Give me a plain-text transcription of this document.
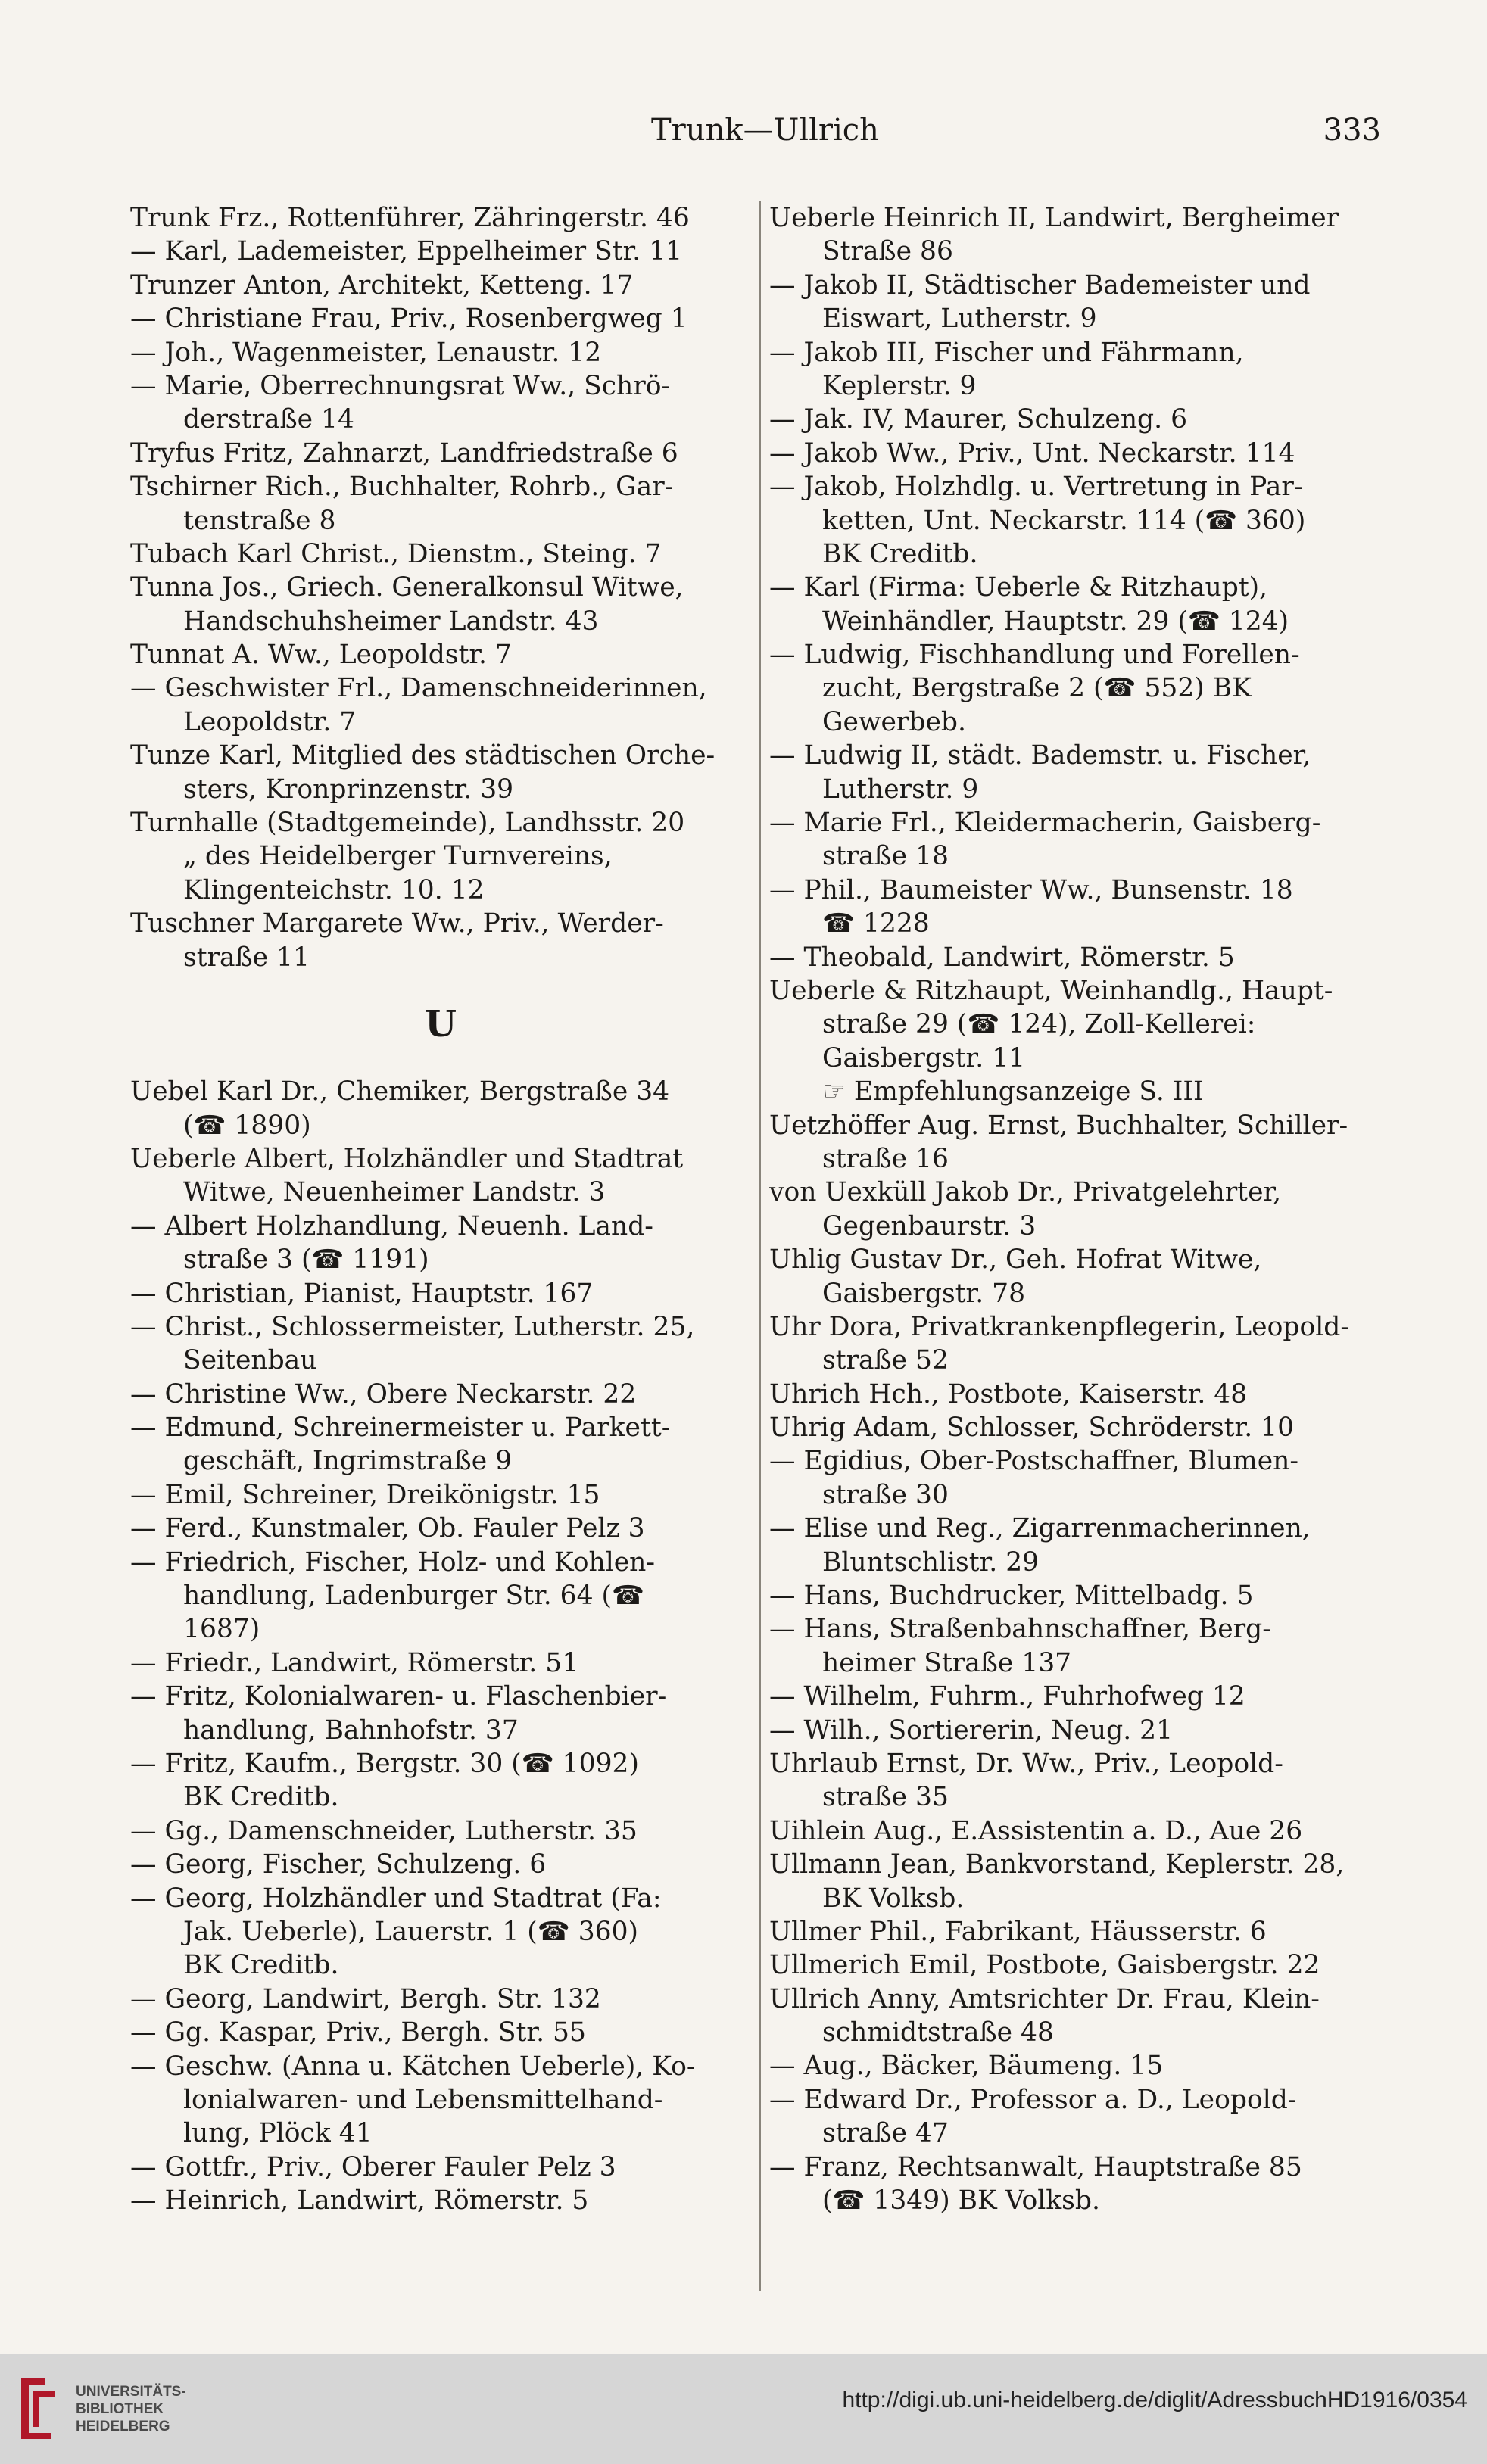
Trunk—Ullrich	333
Trunk Frz., Rottenführer, Zähringerstr. 46
— Karl, Lademeister, Eppelheimer Str. 11
Trunzer Anton, Architekt, Ketteng. 17
— Christiane Frau, Priv., Rosenbergweg 1
— Joh., Wagenmeister, Lenaustr. 12
— Marie, Oberrechnungsrat Ww., Schrö-
derstraße 14
Tryfus Fritz, Zahnarzt, Landfriedstraße 6
Tschirner Rich., Buchhalter, Rohrb., Gar-
tenstraße 8
Tubach Karl Christ., Dienstm., Steing. 7
Tunna Jos., Griech. Generalkonsul Witwe,
Handschuhsheimer Landstr. 43
Tunnat A. Ww., Leopoldstr. 7
— Geschwister Frl., Damenschneiderinnen,
Leopoldstr. 7
Tunze Karl, Mitglied des städtischen Orche-
sters, Kronprinzenstr. 39
Turnhalle (Stadtgemeinde), Landhsstr. 20
„ des Heidelberger Turnvereins,
Klingenteichstr. 10. 12
Tuschner Margarete Ww., Priv., Werder-
straße 11
U
Uebel Karl Dr., Chemiker, Bergstraße 34
(☎ 1890)
Ueberle Albert, Holzhändler und Stadtrat
Witwe, Neuenheimer Landstr. 3
— Albert Holzhandlung, Neuenh. Land-
straße 3 (☎ 1191)
— Christian, Pianist, Hauptstr. 167
— Christ., Schlossermeister, Lutherstr. 25,
Seitenbau
— Christine Ww., Obere Neckarstr. 22
— Edmund, Schreinermeister u. Parkett-
geschäft, Ingrimstraße 9
— Emil, Schreiner, Dreikönigstr. 15
— Ferd., Kunstmaler, Ob. Fauler Pelz 3
— Friedrich, Fischer, Holz- und Kohlen-
handlung, Ladenburger Str. 64 (☎
1687)
— Friedr., Landwirt, Römerstr. 51
— Fritz, Kolonialwaren- u. Flaschenbier-
handlung, Bahnhofstr. 37
— Fritz, Kaufm., Bergstr. 30 (☎ 1092)
BK Creditb.
— Gg., Damenschneider, Lutherstr. 35
— Georg, Fischer, Schulzeng. 6
— Georg, Holzhändler und Stadtrat (Fa:
Jak. Ueberle), Lauerstr. 1 (☎ 360)
BK Creditb.
— Georg, Landwirt, Bergh. Str. 132
— Gg. Kaspar, Priv., Bergh. Str. 55
— Geschw. (Anna u. Kätchen Ueberle), Ko-
lonialwaren- und Lebensmittelhand-
lung, Plöck 41
— Gottfr., Priv., Oberer Fauler Pelz 3
— Heinrich, Landwirt, Römerstr. 5
Ueberle Heinrich II, Landwirt, Bergheimer
Straße 86
— Jakob II, Städtischer Bademeister und
Eiswart, Lutherstr. 9
— Jakob III, Fischer und Fährmann,
Keplerstr. 9
— Jak. IV, Maurer, Schulzeng. 6
— Jakob Ww., Priv., Unt. Neckarstr. 114
— Jakob, Holzhdlg. u. Vertretung in Par-
ketten, Unt. Neckarstr. 114 (☎ 360)
BK Creditb.
— Karl (Firma: Ueberle & Ritzhaupt),
Weinhändler, Hauptstr. 29 (☎ 124)
— Ludwig, Fischhandlung und Forellen-
zucht, Bergstraße 2 (☎ 552) BK
Gewerbeb.
— Ludwig II, städt. Bademstr. u. Fischer,
Lutherstr. 9
— Marie Frl., Kleidermacherin, Gaisberg-
straße 18
— Phil., Baumeister Ww., Bunsenstr. 18
☎ 1228
— Theobald, Landwirt, Römerstr. 5
Ueberle & Ritzhaupt, Weinhandlg., Haupt-
straße 29 (☎ 124), Zoll-Kellerei:
Gaisbergstr. 11
☞ Empfehlungsanzeige S. III
Uetzhöffer Aug. Ernst, Buchhalter, Schiller-
straße 16
von Uexküll Jakob Dr., Privatgelehrter,
Gegenbaurstr. 3
Uhlig Gustav Dr., Geh. Hofrat Witwe,
Gaisbergstr. 78
Uhr Dora, Privatkrankenpflegerin, Leopold-
straße 52
Uhrich Hch., Postbote, Kaiserstr. 48
Uhrig Adam, Schlosser, Schröderstr. 10
— Egidius, Ober-Postschaffner, Blumen-
straße 30
— Elise und Reg., Zigarrenmacherinnen,
Bluntschlistr. 29
— Hans, Buchdrucker, Mittelbadg. 5
— Hans, Straßenbahnschaffner, Berg-
heimer Straße 137
— Wilhelm, Fuhrm., Fuhrhofweg 12
— Wilh., Sortiererin, Neug. 21
Uhrlaub Ernst, Dr. Ww., Priv., Leopold-
straße 35
Uihlein Aug., E.Assistentin a. D., Aue 26
Ullmann Jean, Bankvorstand, Keplerstr. 28,
BK Volksb.
Ullmer Phil., Fabrikant, Häusserstr. 6
Ullmerich Emil, Postbote, Gaisbergstr. 22
Ullrich Anny, Amtsrichter Dr. Frau, Klein-
schmidtstraße 48
— Aug., Bäcker, Bäumeng. 15
— Edward Dr., Professor a. D., Leopold-
straße 47
— Franz, Rechtsanwalt, Hauptstraße 85
(☎ 1349) BK Volksb.
UNIVERSITÄTS-
BIBLIOTHEK
HEIDELBERG
http://digi.ub.uni-heidelberg.de/diglit/AdressbuchHD1916/0354
